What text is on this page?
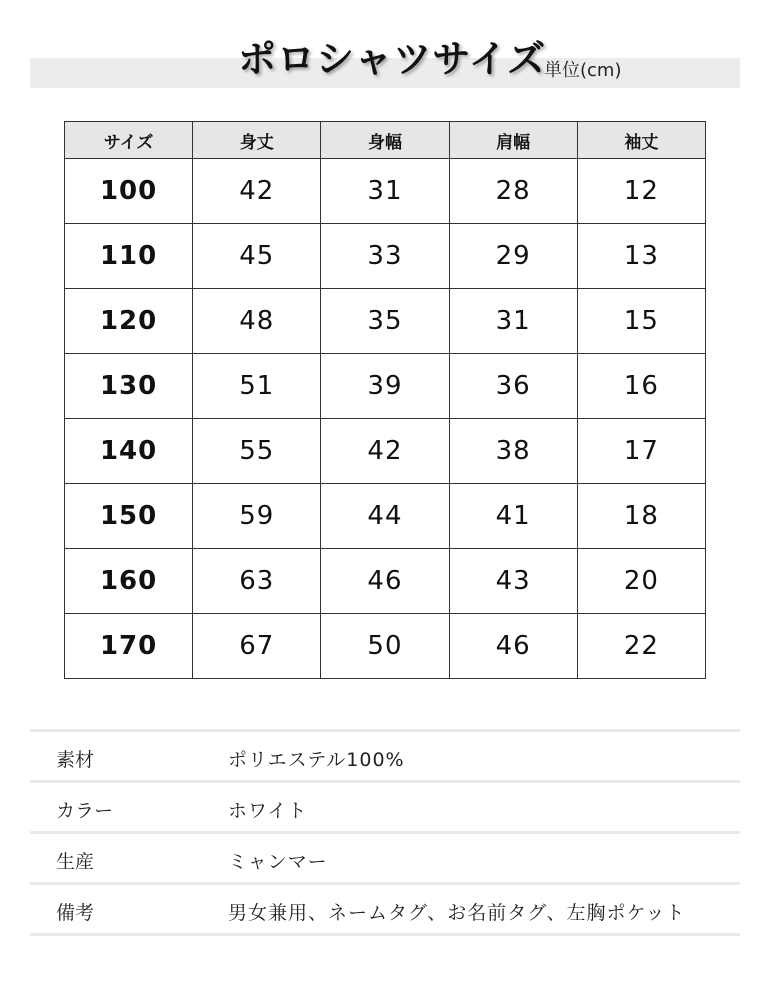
ポロシャツサイズ
単位(cm)
サイズ	身丈	身幅	肩幅	袖丈
100	42	31	28	12
110	45	33	29	13
120	48	35	31	15
130	51	39	36	16
140	55	42	38	17
150	59	44	41	18
160	63	46	43	20
170	67	50	46	22
素材	ポリエステル100%
カラー	ホワイト
生産	ミャンマー
備考	男女兼用、ネームタグ、お名前タグ、左胸ポケット
